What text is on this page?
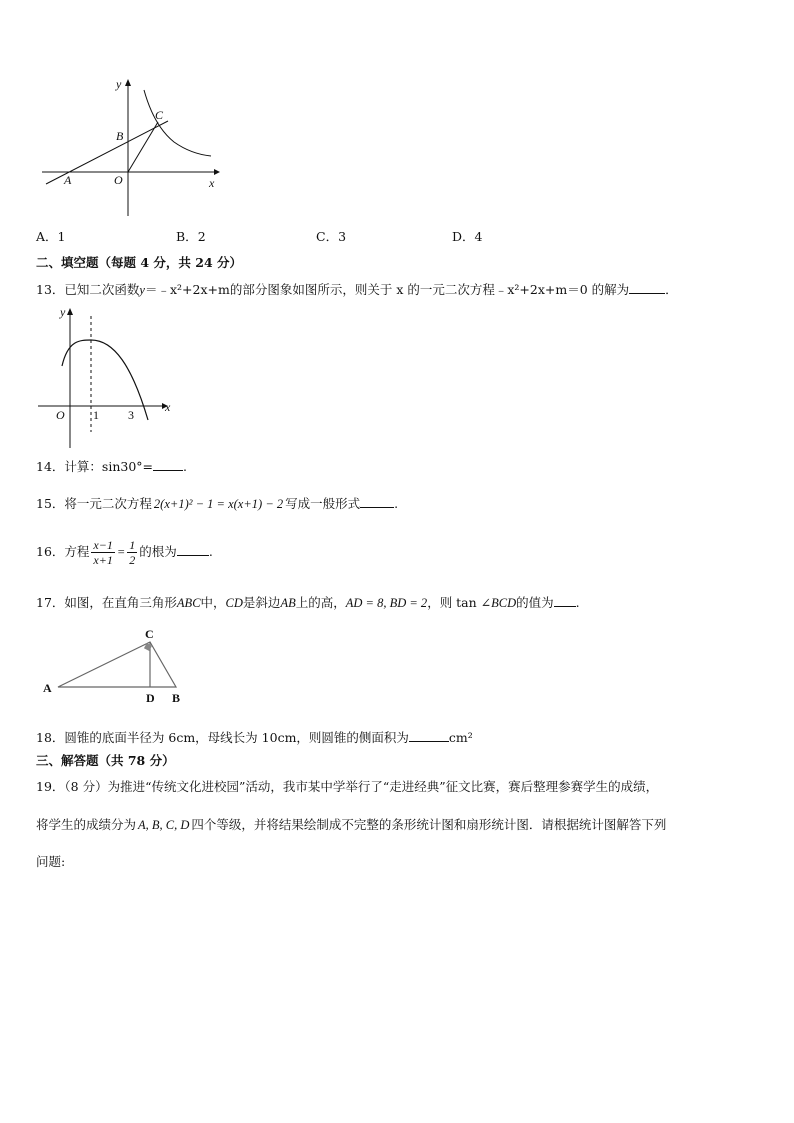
y
x
A
B
C
O
A．1	B．2	C．3	D．4
二、填空题（每题 4 分，共 24 分）
13．已知二次函数y＝﹣x²+2x+m的部分图象如图所示，则关于 x 的一元二次方程﹣x²+2x+m＝0 的解为	．
y
x
O 1 3
14．计算：sin30°= .
15．将一元二次方程 2(x+1)² − 1 = x(x+1) − 2 写成一般形式	.
16．方程 $\frac{x-1}{x+1} = \frac{1}{2}$ 的根为	.
17．如图，在直角三角形ABC中，CD是斜边AB上的高，AD = 8, BD = 2，则 tan ∠BCD的值为 .
C
A
D B
18．圆锥的底面半径为 6cm，母线长为 10cm，则圆锥的侧面积为	cm²
三、解答题（共 78 分）
19．（8 分）为推进“传统文化进校园”活动，我市某中学举行了“走进经典”征文比赛，赛后整理参赛学生的成绩，
将学生的成绩分为 A, B, C, D 四个等级，并将结果绘制成不完整的条形统计图和扇形统计图．请根据统计图解答下列
问题:
